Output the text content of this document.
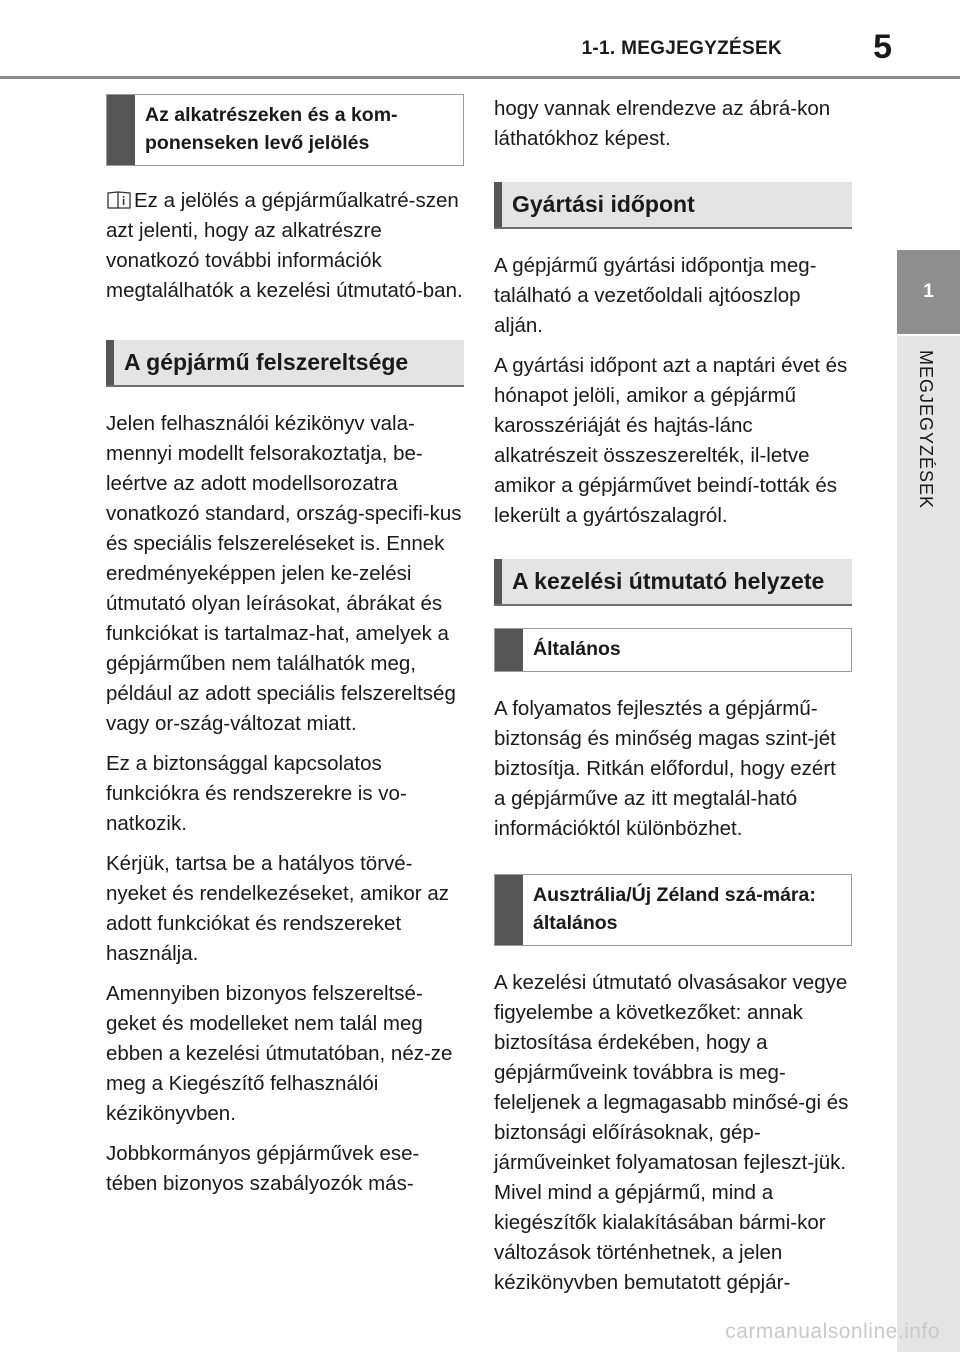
1-1. MEGJEGYZÉSEK	5
1
MEGJEGYZÉSEK
Az alkatrészeken és a kom-ponenseken levő jelölés

Ez a jelölés a gépjárműalkatré-szen azt jelenti, hogy az alkatrészre vonatkozó további információk megtalálhatók a kezelési útmutató-ban.

A gépjármű felszereltsége

Jelen felhasználói kézikönyv vala-mennyi modellt felsorakoztatja, be-leértve az adott modellsorozatra vonatkozó standard, ország-specifi-kus és speciális felszereléseket is. Ennek eredményeképpen jelen ke-zelési útmutató olyan leírásokat, ábrákat és funkciókat is tartalmaz-hat, amelyek a gépjárműben nem találhatók meg, például az adott speciális felszereltség vagy or-szág-változat miatt.

Ez a biztonsággal kapcsolatos funkciókra és rendszerekre is vo-natkozik.

Kérjük, tartsa be a hatályos törvé-nyeket és rendelkezéseket, amikor az adott funkciókat és rendszereket használja.

Amennyiben bizonyos felszereltsé-geket és modelleket nem talál meg ebben a kezelési útmutatóban, néz-ze meg a Kiegészítő felhasználói kézikönyvben.

Jobbkormányos gépjárművek ese-tében bizonyos szabályozók más-

hogy vannak elrendezve az ábrá-kon láthatókhoz képest.

Gyártási időpont

A gépjármű gyártási időpontja meg-található a vezetőoldali ajtóoszlop alján.

A gyártási időpont azt a naptári évet és hónapot jelöli, amikor a gépjármű karosszériáját és hajtás-lánc alkatrészeit összeszerelték, il-letve amikor a gépjárművet beindí-tották és lekerült a gyártószalagról.

A kezelési útmutató helyzete
Általános

A folyamatos fejlesztés a gépjármű-biztonság és minőség magas szint-jét biztosítja. Ritkán előfordul, hogy ezért a gépjárműve az itt megtalál-ható információktól különbözhet.

Ausztrália/Új Zéland szá-mára: általános

A kezelési útmutató olvasásakor vegye figyelembe a következőket: annak biztosítása érdekében, hogy a gépjárműveink továbbra is meg-feleljenek a legmagasabb minősé-gi és biztonsági előírásoknak, gép-járműveinket folyamatosan fejleszt-jük. Mivel mind a gépjármű, mind a kiegészítők kialakításában bármi-kor változások történhetnek, a jelen kézikönyvben bemutatott gépjár-

carmanualsonline.info
